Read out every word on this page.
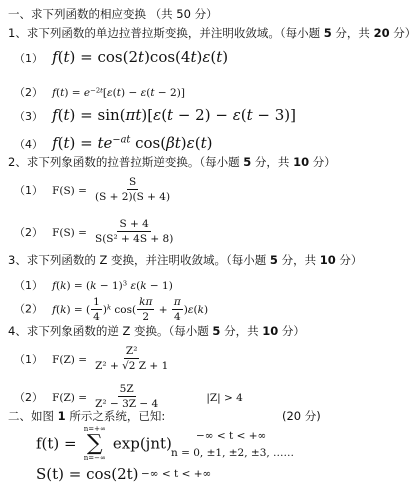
一、求下列函数的相应变换 （共 50 分）
1、求下列函数的单边拉普拉斯变换，并注明收敛域。（每小题 5 分，共 20 分）
（1） f(t) = cos(2t)cos(4t)ε(t)
（2） $f(t) = e^{-2t}[\varepsilon(t) - \varepsilon(t - 2)]$
（3） f(t) = sin(πt)[ε(t − 2) − ε(t − 3)]
（4） $f(t) = te^{-at}$ cos(βt)ε(t)
2、求下列象函数的拉普拉斯逆变换。（每小题 5 分，共 10 分）
（1） $F(S) = \frac{S}{(S + 2)(S + 4)}$
（2） $F(S) = \frac{S + 4}{\text{S(S² + 4S + 8)}}$
3、求下列函数的 Z 变换，并注明收敛域。（每小题 5 分，共 10 分）
（1） $f(k) = (k - 1)^3$ ε(k − 1)
（2） f(k) = ( $\frac{1}{4} )^k$ $\cos( \frac{k\pi}{2} + \frac{\pi}{4} )\varepsilon(k)$
4、求下列象函数的逆 Z 变换。（每小题 5 分，共 10 分）
（1） $F(Z) = \frac{\text{Z²}}{\text{Z² + √2 Z + 1}}$
（2） $F(Z) = \frac{5Z}{\text{Z² − 3Z − 4}}$	|Z| > 4
二、如图 1 所示之系统，已知:	(20 分)
f(t) =
n=+∞
∑
n=−∞
exp(jnt) −∞ < t < +∞
n = 0, ±1, ±2, ±3, ……
S(t) = cos(2t) −∞ < t < +∞
